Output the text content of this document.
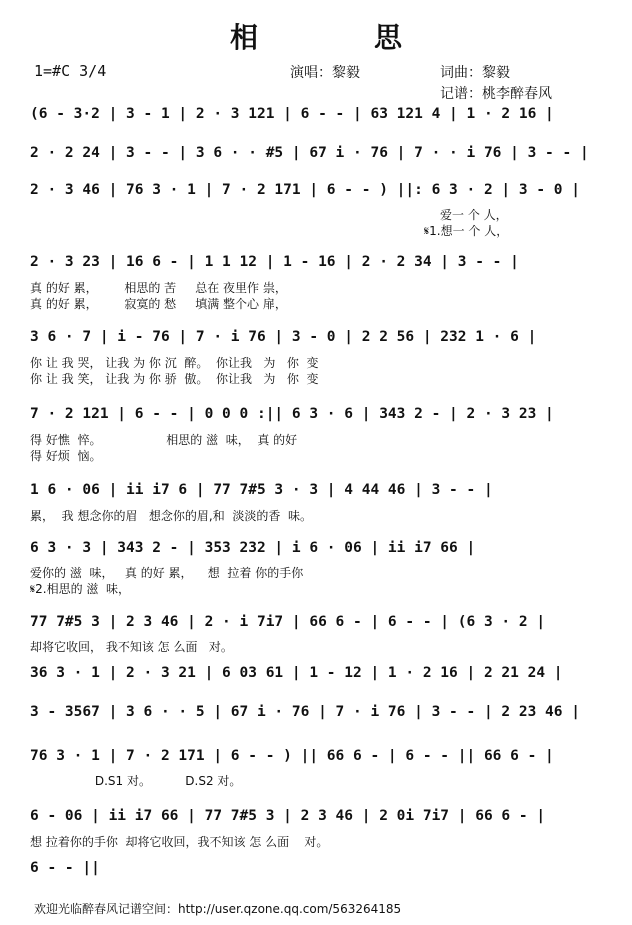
相　思
1=#C 3/4	演唱：黎毅	词曲：黎毅
记谱：桃李醉春风
(6 - 3·2 | 3 - 1 | 2 · 3 121 | 6 - - | 63 121 4 | 1 · 2 16 |
2 · 2 24 | 3 - - | 3 6 · · #5 | 67 i · 76 | 7 · · i 76 | 3 - - |
2 · 3 46 | 76 3 · 1 | 7 · 2 171 | 6 - - ) ||: 6 3 · 2 | 3 - 0 |
爱一 个 人，
𝄋1.想一 个 人，
2 · 3 23 | 16 6 - | 1 1 12 | 1 - 16 | 2 · 2 34 | 3 - - |
真 的好 累，       相思的 苦     总在 夜里作 祟，
真 的好 累，       寂寞的 愁     填满 整个心 扉，
3 6 · 7 | i - 76 | 7 · i 76 | 3 - 0 | 2 2 56 | 232 1 · 6 |
你 让 我 哭， 让我 为 你 沉  醉。  你让我   为   你  变
你 让 我 笑， 让我 为 你 骄  傲。  你让我   为   你  变
7 · 2 121 | 6 - - | 0 0 0 :|| 6 3 · 6 | 343 2 - | 2 · 3 23 |
得 好憔  悴。                 相思的 滋  味，  真 的好
得 好烦  恼。
1 6 · 06 | ii i7 6 | 77 7#5 3 · 3 | 4 44 46 | 3 - - |
累，  我 想念你的眉   想念你的眉,和  淡淡的香  味。
6 3 · 3 | 343 2 - | 353 232 | i 6 · 06 | ii i7 66 |
爱你的 滋  味，   真 的好 累，    想  拉着 你的手你
𝄋2.相思的 滋  味，
77 7#5 3 | 2 3 46 | 2 · i 7i7 | 66 6 - | 6 - - | (6 3 · 2 |
却将它收回， 我不知该 怎 么面   对。
36 3 · 1 | 2 · 3 21 | 6 03 61 | 1 - 12 | 1 · 2 16 | 2 21 24 |
3 - 3567 | 3 6 · · 5 | 67 i · 76 | 7 · i 76 | 3 - - | 2 23 46 |
76 3 · 1 | 7 · 2 171 | 6 - - ) || 66 6 - | 6 - - || 66 6 - |
D.S1 对。         D.S2 对。
6 - 06 | ii i7 66 | 77 7#5 3 | 2 3 46 | 2 0i 7i7 | 66 6 - |
想 拉着你的手你  却将它收回，我不知该 怎 么面    对。
6 - - ||
欢迎光临醉春风记谱空间：http://user.qzone.qq.com/563264185
